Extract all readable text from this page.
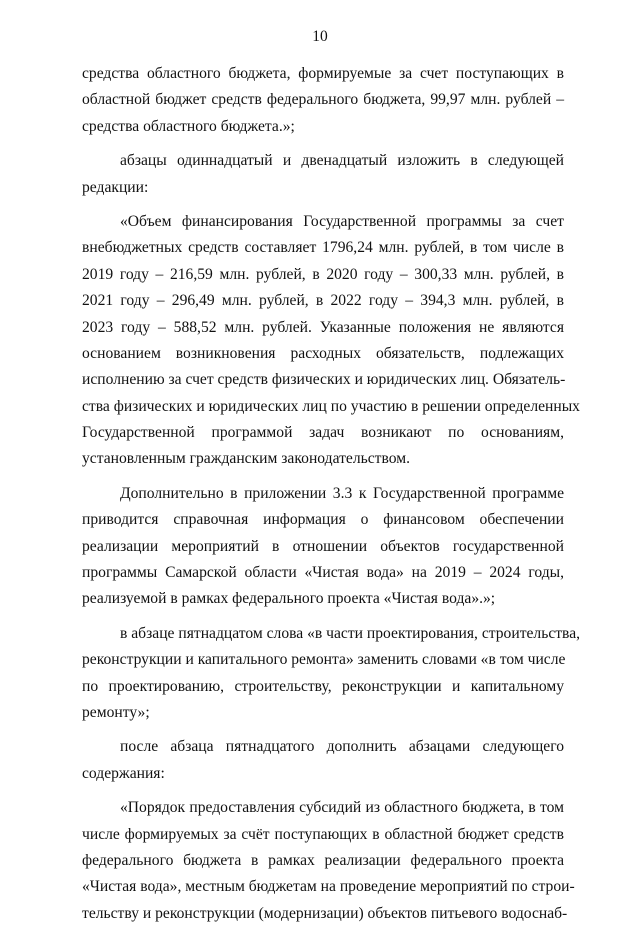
10
средства областного бюджета, формируемые за счет поступающих в
областной бюджет средств федерального бюджета, 99,97 млн. рублей –
средства областного бюджета.»;
абзацы одиннадцатый и двенадцатый изложить в следующей
редакции:
«Объем финансирования Государственной программы за счет
внебюджетных средств составляет 1796,24 млн. рублей, в том числе в
2019 году – 216,59 млн. рублей, в 2020 году – 300,33 млн. рублей, в
2021 году – 296,49 млн. рублей, в 2022 году – 394,3 млн. рублей, в
2023 году – 588,52 млн. рублей. Указанные положения не являются
основанием возникновения расходных обязательств, подлежащих
исполнению за счет средств физических и юридических лиц. Обязатель-
ства физических и юридических лиц по участию в решении определенных
Государственной программой задач возникают по основаниям,
установленным гражданским законодательством.
Дополнительно в приложении 3.3 к Государственной программе
приводится справочная информация о финансовом обеспечении
реализации мероприятий в отношении объектов государственной
программы Самарской области «Чистая вода» на 2019 – 2024 годы,
реализуемой в рамках федерального проекта «Чистая вода».»;
в абзаце пятнадцатом слова «в части проектирования, строительства,
реконструкции и капитального ремонта» заменить словами «в том числе
по проектированию, строительству, реконструкции и капитальному
ремонту»;
после абзаца пятнадцатого дополнить абзацами следующего
содержания:
«Порядок предоставления субсидий из областного бюджета, в том
числе формируемых за счёт поступающих в областной бюджет средств
федерального бюджета в рамках реализации федерального проекта
«Чистая вода», местным бюджетам на проведение мероприятий по строи-
тельству и реконструкции (модернизации) объектов питьевого водоснаб-
